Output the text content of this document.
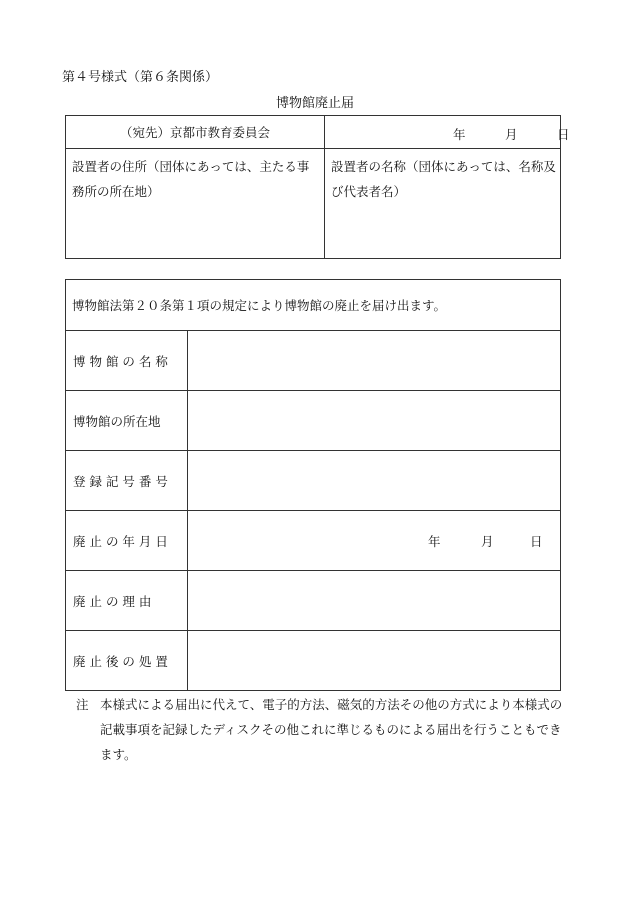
第４号様式（第６条関係）
博物館廃止届
（宛先）京都市教育委員会	年 月 日

設置者の住所（団体にあっては、主たる事務所の所在地）	設置者の名称（団体にあっては、名称及び代表者名）
博物館法第２０条第１項の規定により博物館の廃止を届け出ます。	
博 物 館 の 名 称	
博物館の所在地	
登 録 記 号 番 号	
廃 止 の 年 月 日	年 月 日

廃 止 の 理 由	
廃 止 後 の 処 置	
注 本様式による届出に代えて、電子的方法、磁気的方法その他の方式により本様式の記載事項を記録したディスクその他これに準じるものによる届出を行うこともできます。
